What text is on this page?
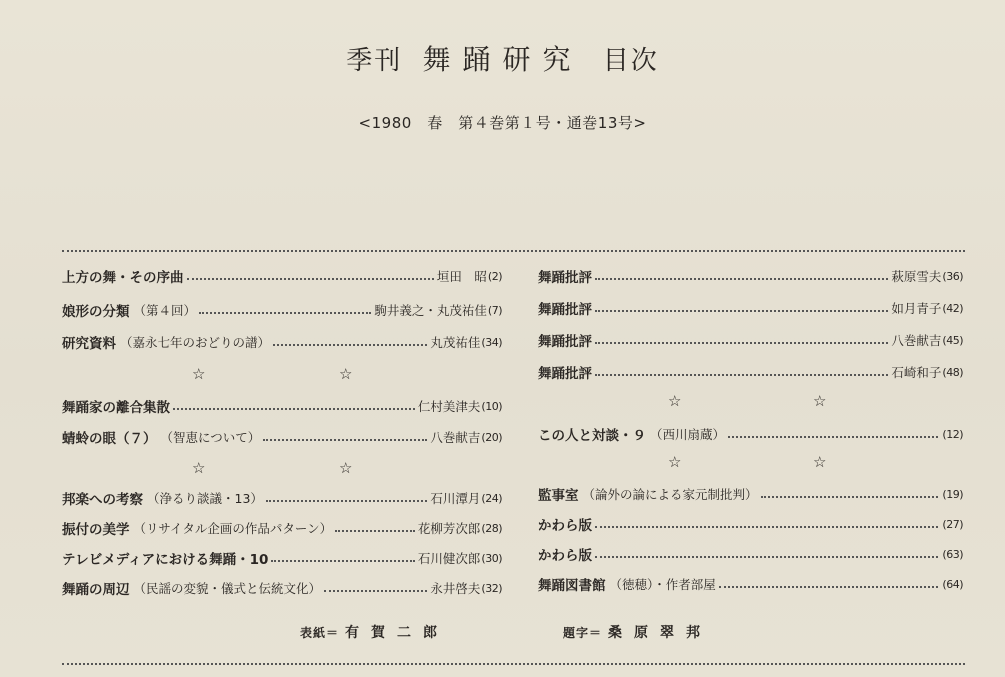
季刊 舞踊研究 目次
<1980　春　第４巻第１号・通巻13号>
上方の舞・その序曲	垣田　昭 (2)
娘形の分類 （第４回）	駒井義之・丸茂祐佳 (7)
研究資料 （嘉永七年のおどりの譜）	丸茂祐佳 (34)
☆	☆
舞踊家の離合集散	仁村美津夫 (10)
蜻蛉の眼（７） （智恵について）	八巻献吉 (20)
☆	☆
邦楽への考察 （浄るり談議・13）	石川潭月 (24)
振付の美学 （リサイタル企画の作品パターン）	花柳芳次郎 (28)
テレビメディアにおける舞踊・10	石川健次郎 (30)
舞踊の周辺 （民謡の変貌・儀式と伝統文化）	永井啓夫 (32)
舞踊批評	萩原雪夫 (36)
舞踊批評	如月青子 (42)
舞踊批評	八巻献吉 (45)
舞踊批評	石崎和子 (48)
☆	☆
この人と対談・９ （西川扇蔵）	(12)
☆	☆
監事室 （論外の論による家元制批判）	(19)
かわら版	(27)
かわら版	(63)
舞踊図書館 （徳穂）・作者部屋	(64)
表紙＝ 有賀二郎	題字＝ 桑原翠邦
